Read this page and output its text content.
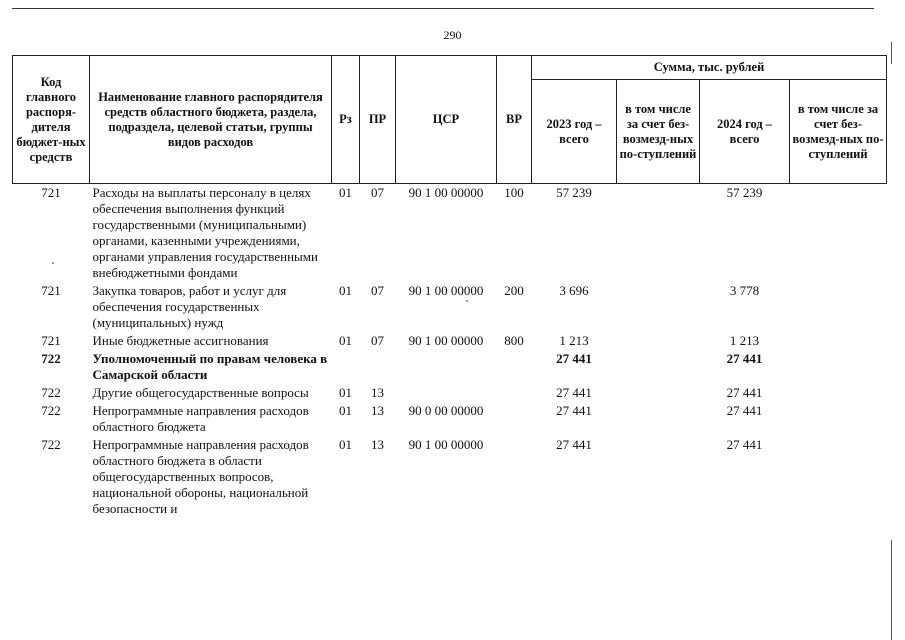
290
Код главного распоря-дителя бюджет-ных средств	Наименование главного распорядителя средств областного бюджета, раздела, подраздела, целевой статьи, группы видов расходов	Рз	ПР	ЦСР	ВР	Сумма, тыс. рублей			
						2023 год – всего	в том числе за счет без-возмезд-ных по-ступлений	2024 год – всего	в том числе за счет без-возмезд-ных по-ступлений
721	Расходы на выплаты персоналу в целях обеспечения выполнения функций государственными (муниципальными) органами, казенными учреждениями, органами управления государственными внебюджетными фондами	01	07	90 1 00 00000	100	57 239		57 239	
721	Закупка товаров, работ и услуг для обеспечения государственных (муниципальных) нужд	01	07	90 1 00 00000	200	3 696		3 778	
721	Иные бюджетные ассигнования	01	07	90 1 00 00000	800	1 213		1 213	
722	Уполномоченный по правам человека в Самарской области					27 441		27 441	
722	Другие общегосударственные вопросы	01	13			27 441		27 441	
722	Непрограммные направления расходов областного бюджета	01	13	90 0 00 00000		27 441		27 441	
722	Непрограммные направления расходов областного бюджета в области общегосударственных вопросов, национальной обороны, национальной безопасности и	01	13	90 1 00 00000		27 441		27 441	
